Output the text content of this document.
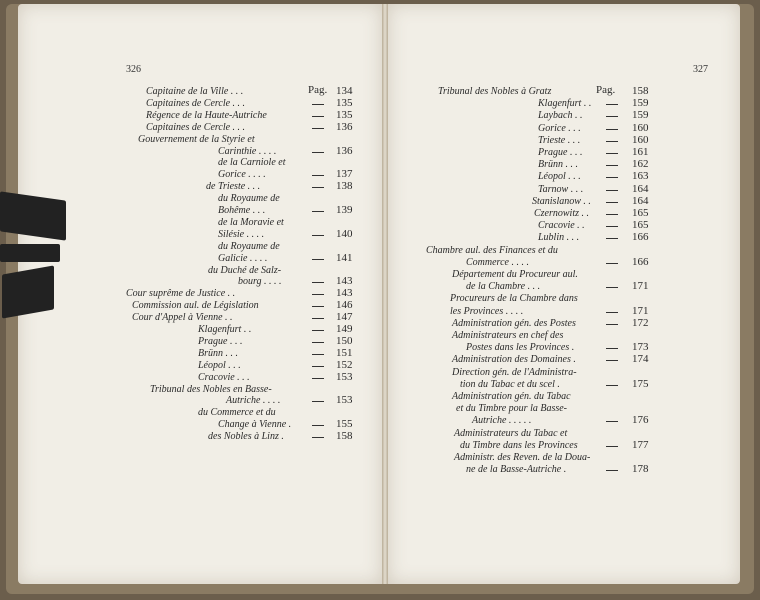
326
Pag.
Capitaine de la Ville . . .	134
Capitaines de Cercle . . .	135
Régence de la Haute-Autriche	135
Capitaines de Cercle . . .	136
Gouvernement de la Styrie et
Carinthie . . . .	136
de la Carniole et
Gorice . . . .	137
de Trieste . . .	138
du Royaume de
Bohême . . .	139
de la Moravie et
Silésie . . . .	140
du Royaume de
Galicie . . . .	141
du Duché de Salz-
bourg . . . .	143
Cour suprême de Justice . .	143
Commission aul. de Législation	146
Cour d'Appel à Vienne . .	147
Klagenfurt . .	149
Prague . . .	150
Brünn . . .	151
Léopol . . .	152
Cracovie . . .	153
Tribunal des Nobles en Basse-
Autriche . . . .	153
du Commerce et du
Change à Vienne .	155
des Nobles à Linz .	158
327
Pag.
Tribunal des Nobles à Gratz	158
Klagenfurt . .	159
Laybach . .	159
Gorice . . .	160
Trieste . . .	160
Prague . . .	161
Brünn . . .	162
Léopol . . .	163
Tarnow . . .	164
Stanislanow . .	164
Czernowitz . .	165
Cracovie . .	165
Lublin . . .	166
Chambre aul. des Finances et du
Commerce . . . .	166
Département du Procureur aul.
de la Chambre . . .	171
Procureurs de la Chambre dans
les Provinces . . . .	171
Administration gén. des Postes	172
Administrateurs en chef des
Postes dans les Provinces .	173
Administration des Domaines .	174
Direction gén. de l'Administra-
tion du Tabac et du scel .	175
Administration gén. du Tabac
et du Timbre pour la Basse-
Autriche . . . . .	176
Administrateurs du Tabac et
du Timbre dans les Provinces	177
Administr. des Reven. de la Doua-
ne de la Basse-Autriche .	178
